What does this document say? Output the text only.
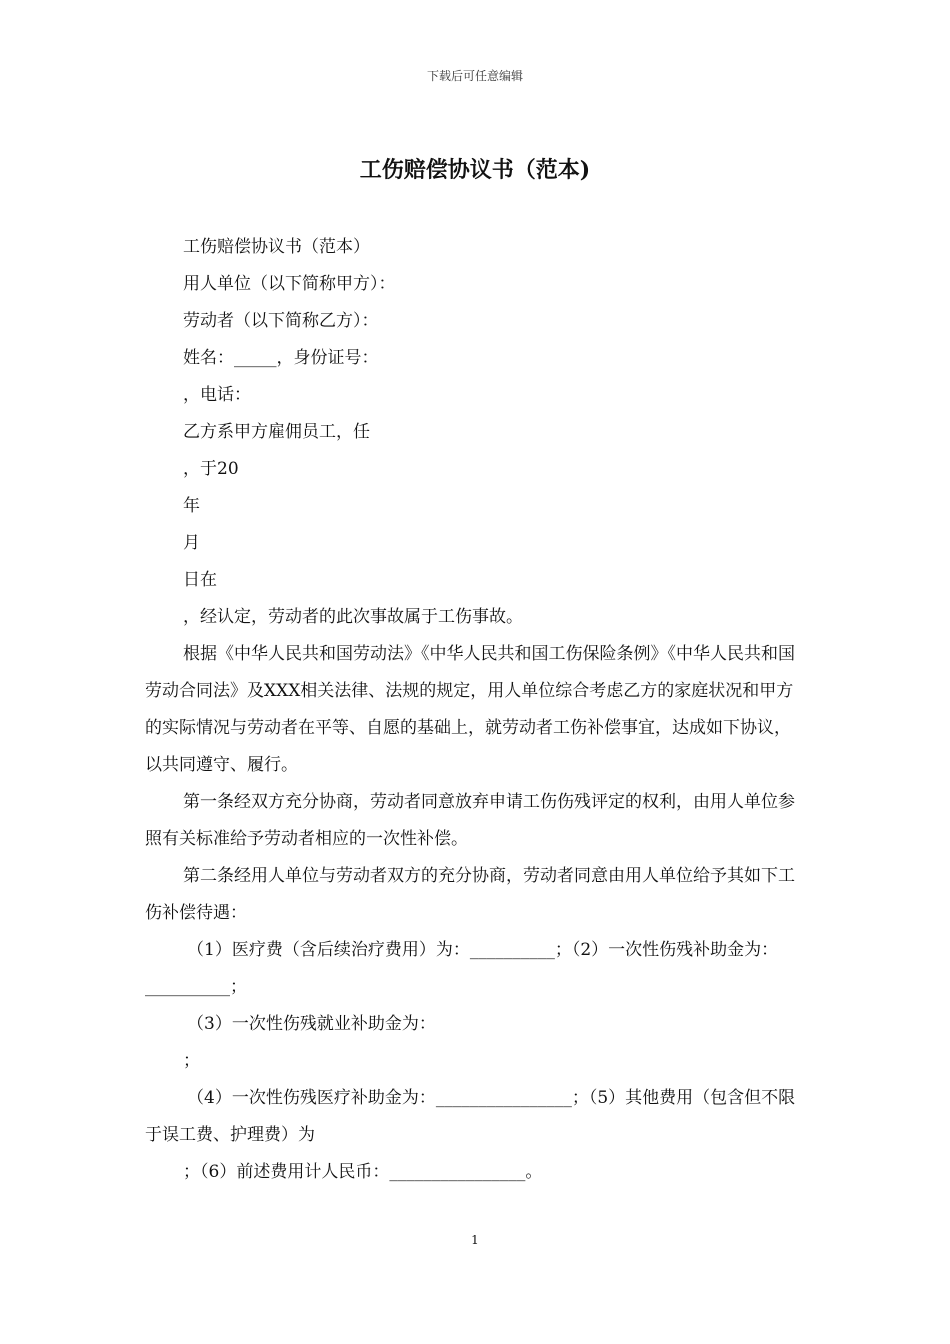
下载后可任意编辑
工伤赔偿协议书（范本)

工伤赔偿协议书（范本）

用人单位（以下简称甲方）：

劳动者（以下简称乙方）：

姓名：_____，身份证号：

，电话：

乙方系甲方雇佣员工，任

，于20

年

月

日在

，经认定，劳动者的此次事故属于工伤事故。

根据《中华人民共和国劳动法》《中华人民共和国工伤保险条例》《中华人民共和国劳动合同法》及XXX相关法律、法规的规定，用人单位综合考虑乙方的家庭状况和甲方的实际情况与劳动者在平等、自愿的基础上，就劳动者工伤补偿事宜，达成如下协议，以共同遵守、履行。

第一条经双方充分协商，劳动者同意放弃申请工伤伤残评定的权利，由用人单位参照有关标准给予劳动者相应的一次性补偿。

第二条经用人单位与劳动者双方的充分协商，劳动者同意由用人单位给予其如下工伤补偿待遇：

（1）医疗费（含后续治疗费用）为：__________；（2）一次性伤残补助金为：__________；

（3）一次性伤残就业补助金为：

；

（4）一次性伤残医疗补助金为：________________；（5）其他费用（包含但不限于误工费、护理费）为

；（6）前述费用计人民币：________________。

1
